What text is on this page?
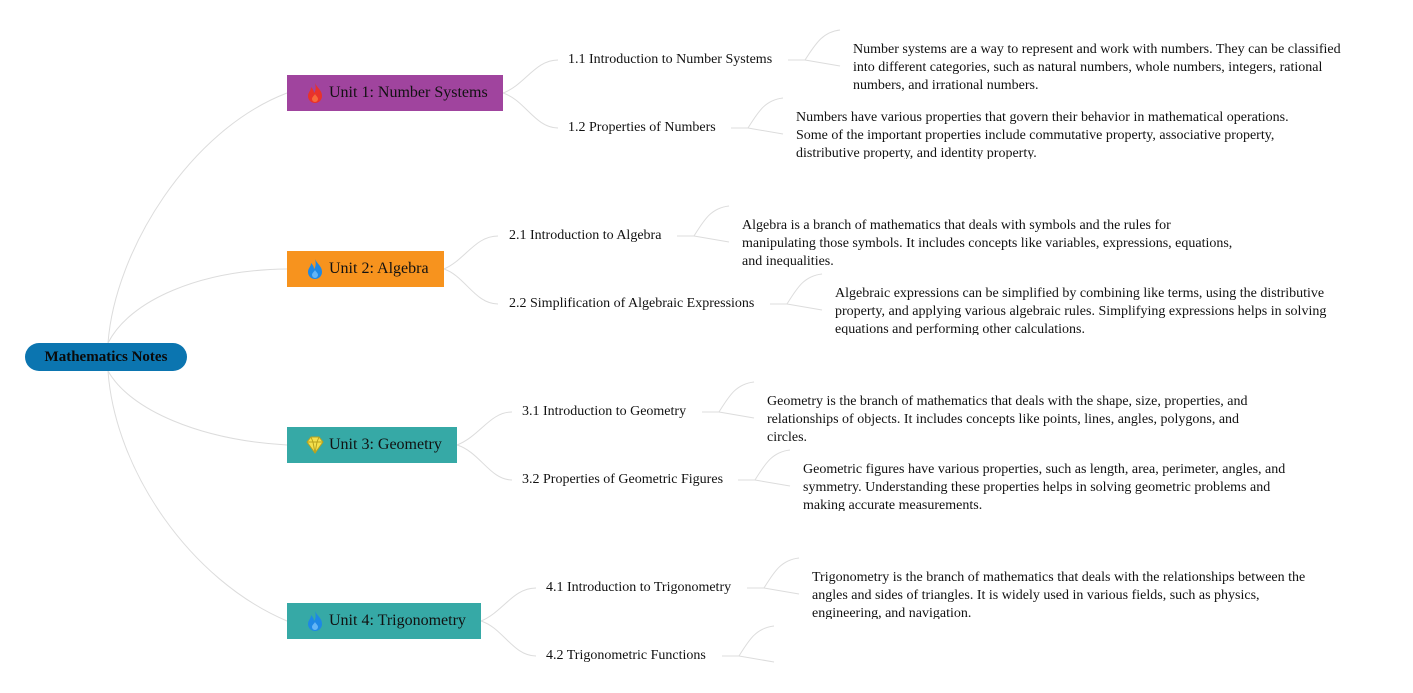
Mathematics Notes
Unit 1: Number Systems
1.1 Introduction to Number Systems
Number systems are a way to represent and work with numbers. They can be classified into different categories, such as natural numbers, whole numbers, integers, rational numbers, and irrational numbers.
1.2 Properties of Numbers
Numbers have various properties that govern their behavior in mathematical operations. Some of the important properties include commutative property, associative property, distributive property, and identity property.
Unit 2: Algebra
2.1 Introduction to Algebra
Algebra is a branch of mathematics that deals with symbols and the rules for manipulating those symbols. It includes concepts like variables, expressions, equations, and inequalities.
2.2 Simplification of Algebraic Expressions
Algebraic expressions can be simplified by combining like terms, using the distributive property, and applying various algebraic rules. Simplifying expressions helps in solving equations and performing other calculations.
Unit 3: Geometry
3.1 Introduction to Geometry
Geometry is the branch of mathematics that deals with the shape, size, properties, and relationships of objects. It includes concepts like points, lines, angles, polygons, and circles.
3.2 Properties of Geometric Figures
Geometric figures have various properties, such as length, area, perimeter, angles, and symmetry. Understanding these properties helps in solving geometric problems and making accurate measurements.
Unit 4: Trigonometry
4.1 Introduction to Trigonometry
Trigonometry is the branch of mathematics that deals with the relationships between the angles and sides of triangles. It is widely used in various fields, such as physics, engineering, and navigation.
4.2 Trigonometric Functions
